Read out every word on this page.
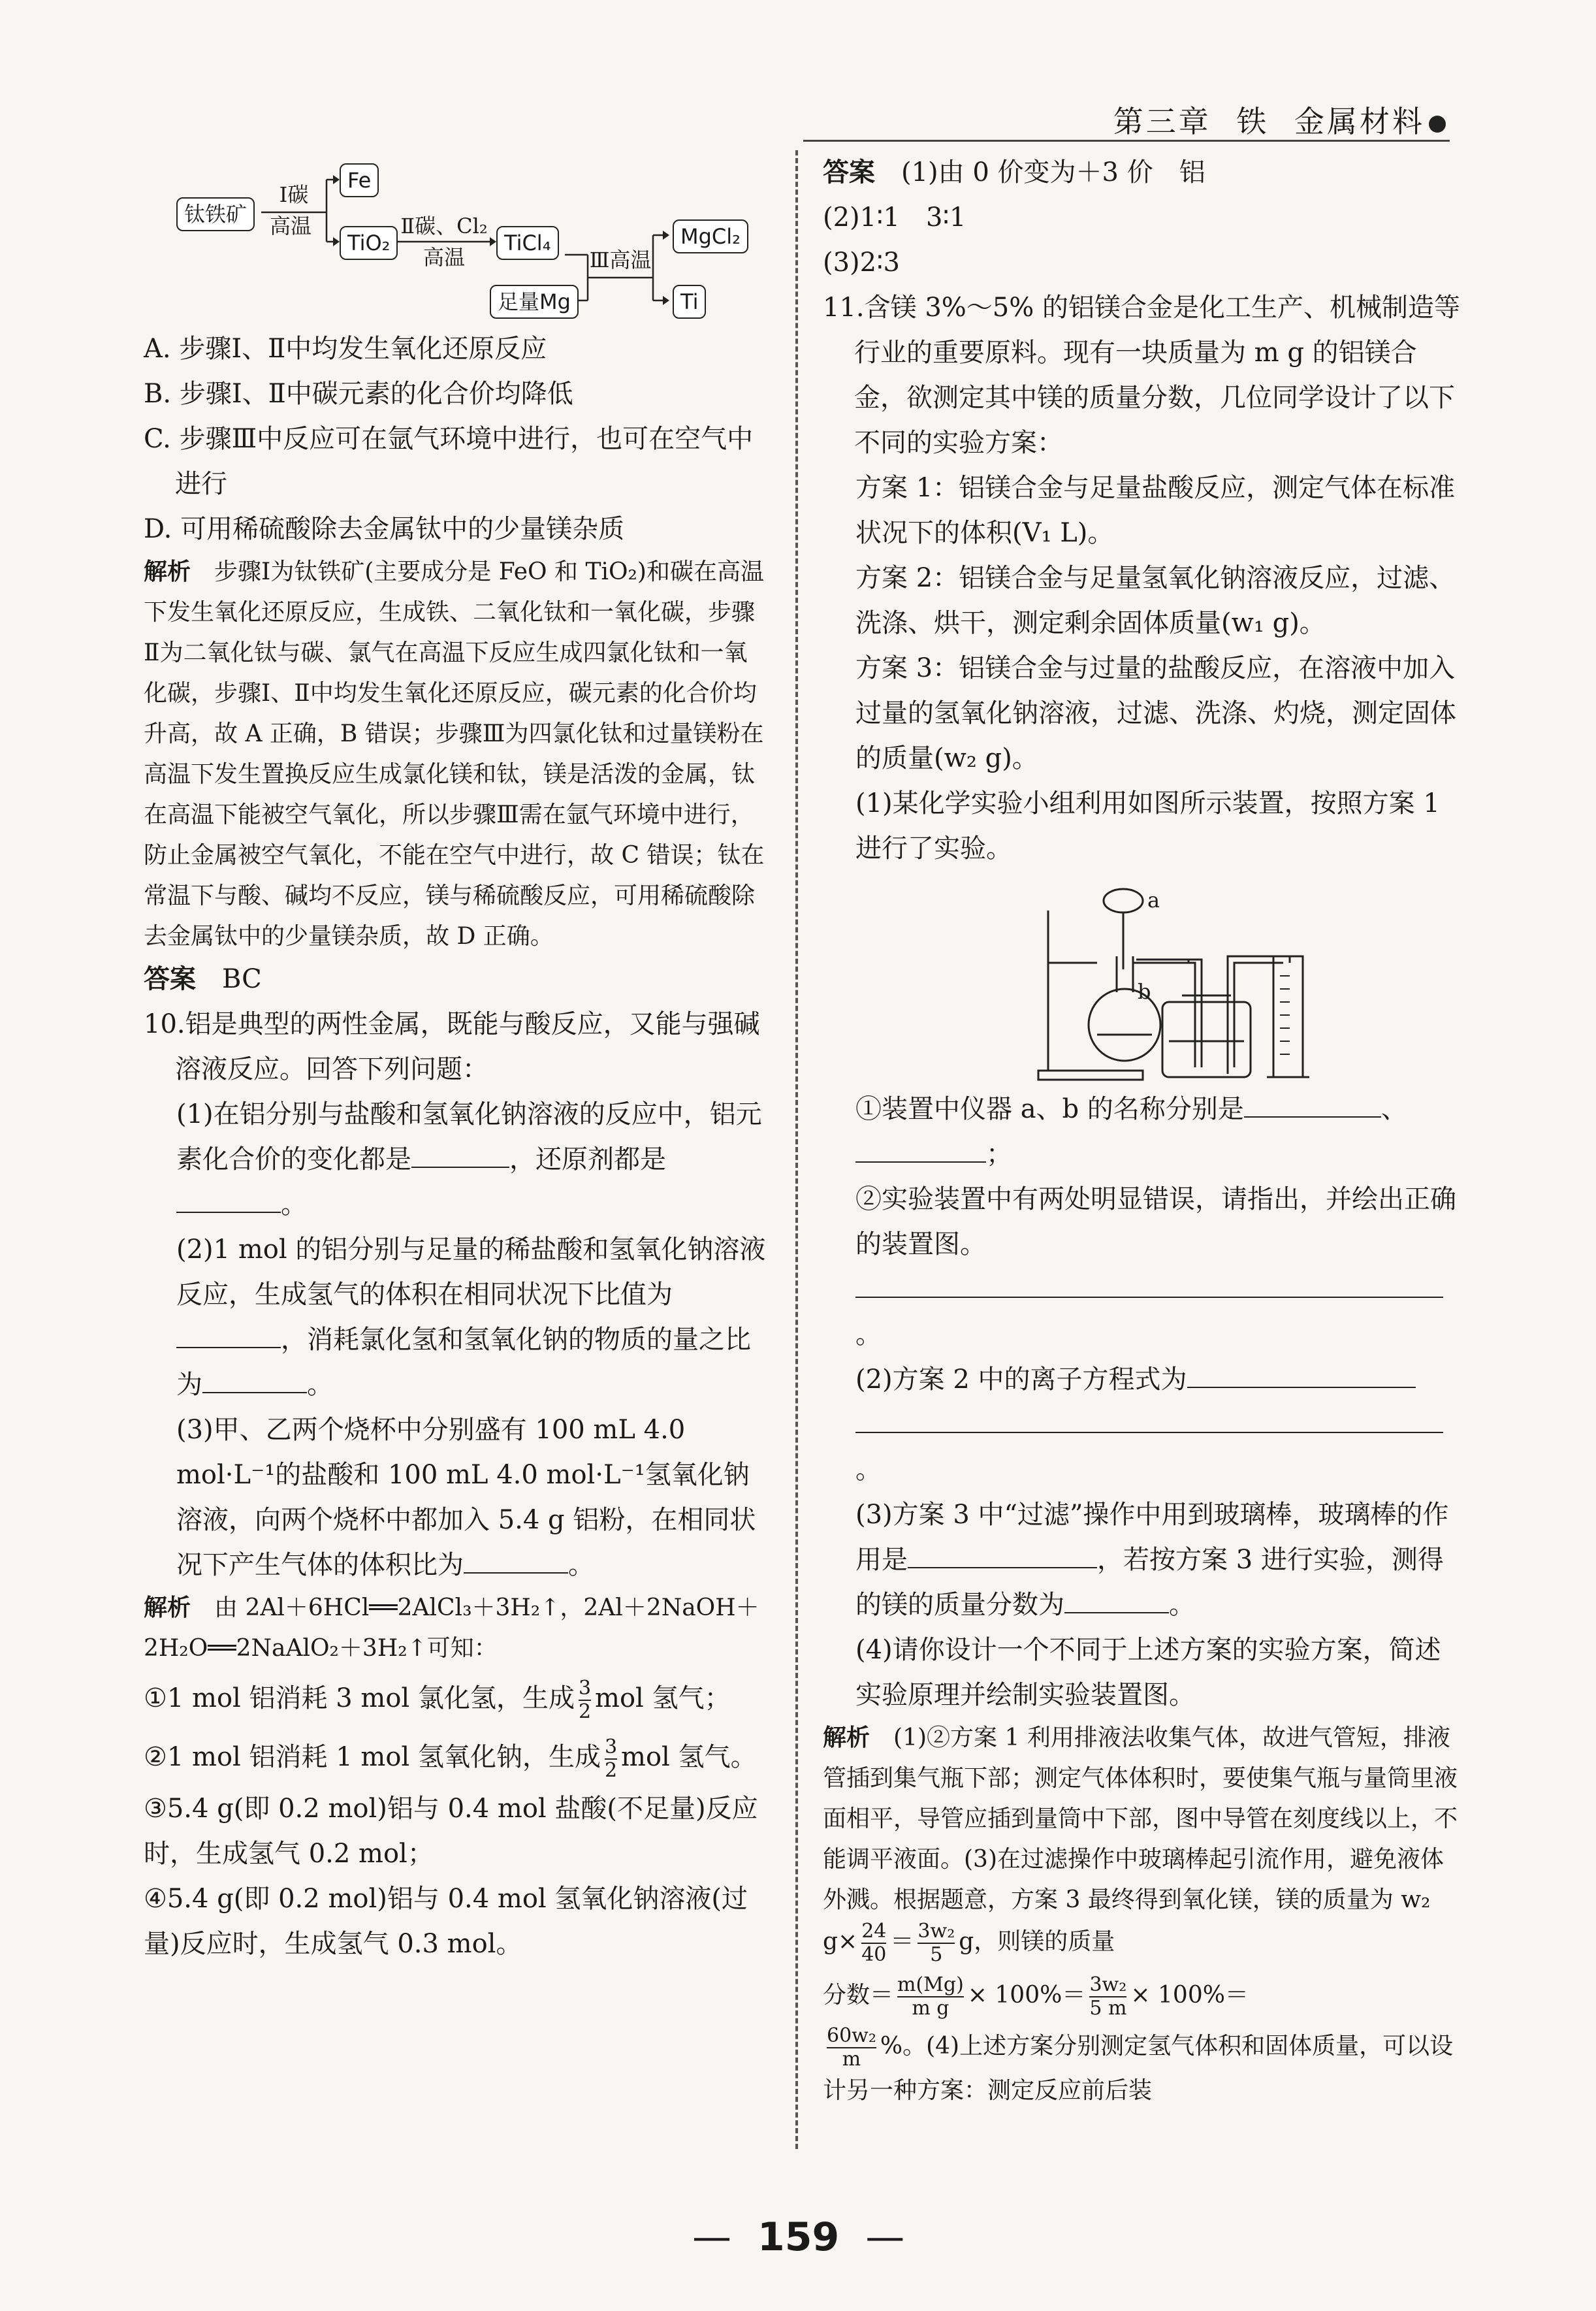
第三章 铁 金属材料
钛铁矿
Ⅰ碳
高温
Fe
TiO₂
Ⅱ碳、Cl₂
高温
TiCl₄
足量Mg
Ⅲ高温
MgCl₂
Ti

A. 步骤Ⅰ、Ⅱ中均发生氧化还原反应

B. 步骤Ⅰ、Ⅱ中碳元素的化合价均降低

C. 步骤Ⅲ中反应可在氩气环境中进行，也可在空气中进行

D. 可用稀硫酸除去金属钛中的少量镁杂质

解析　 步骤Ⅰ为钛铁矿(主要成分是 FeO 和 TiO₂)和碳在高温下发生氧化还原反应，生成铁、二氧化钛和一氧化碳，步骤Ⅱ为二氧化钛与碳、氯气在高温下反应生成四氯化钛和一氧化碳，步骤Ⅰ、Ⅱ中均发生氧化还原反应，碳元素的化合价均升高，故 A 正确，B 错误；步骤Ⅲ为四氯化钛和过量镁粉在高温下发生置换反应生成氯化镁和钛，镁是活泼的金属，钛在高温下能被空气氧化，所以步骤Ⅲ需在氩气环境中进行，防止金属被空气氧化，不能在空气中进行，故 C 错误；钛在常温下与酸、碱均不反应，镁与稀硫酸反应，可用稀硫酸除去金属钛中的少量镁杂质，故 D 正确。

答案　 BC

10.铝是典型的两性金属，既能与酸反应，又能与强碱溶液反应。回答下列问题：

(1)在铝分别与盐酸和氢氧化钠溶液的反应中，铝元素化合价的变化都是	，还原剂都是
。

(2)1 mol 的铝分别与足量的稀盐酸和氢氧化钠溶液反应，生成氢气的体积在相同状况下比值为，消耗氯化氢和氢氧化钠的物质的量之比为	。

(3)甲、乙两个烧杯中分别盛有 100 mL 4.0 mol·L⁻¹的盐酸和 100 mL 4.0 mol·L⁻¹氢氧化钠溶液，向两个烧杯中都加入 5.4 g 铝粉，在相同状况下产生气体的体积比为	。

解析　 由 2Al＋6HCl══2AlCl₃＋3H₂↑，2Al＋2NaOH＋2H₂O══2NaAlO₂＋3H₂↑可知：

①1 mol 铝消耗 3 mol 氯化氢，生成 $\frac{3}{2}$ mol 氢气；

②1 mol 铝消耗 1 mol 氢氧化钠，生成 $\frac{3}{2}$ mol 氢气。

③5.4 g(即 0.2 mol)铝与 0.4 mol 盐酸(不足量)反应时，生成氢气 0.2 mol；

④5.4 g(即 0.2 mol)铝与 0.4 mol 氢氧化钠溶液(过量)反应时，生成氢气 0.3 mol。

答案　 (1)由 0 价变为＋3 价　铝

(2)1∶1　3∶1

(3)2∶3

11.含镁 3%～5% 的铝镁合金是化工生产、机械制造等行业的重要原料。现有一块质量为 m g 的铝镁合金，欲测定其中镁的质量分数，几位同学设计了以下不同的实验方案：

方案 1：铝镁合金与足量盐酸反应，测定气体在标准状况下的体积(V₁ L)。

方案 2：铝镁合金与足量氢氧化钠溶液反应，过滤、洗涤、烘干，测定剩余固体质量(w₁ g)。

方案 3：铝镁合金与过量的盐酸反应，在溶液中加入过量的氢氧化钠溶液，过滤、洗涤、灼烧，测定固体的质量(w₂ g)。

(1)某化学实验小组利用如图所示装置，按照方案 1 进行了实验。

a
b

①装置中仪器 a、b 的名称分别是	、
；

②实验装置中有两处明显错误，请指出，并绘出正确的装置图。

。

(2)方案 2 中的离子方程式为
。

(3)方案 3 中“过滤”操作中用到玻璃棒，玻璃棒的作用是	，若按方案 3 进行实验，测得的镁的质量分数为	。

(4)请你设计一个不同于上述方案的实验方案，简述实验原理并绘制实验装置图。

解析　 (1)②方案 1 利用排液法收集气体，故进气管短，排液管插到集气瓶下部；测定气体体积时，要使集气瓶与量筒里液面相平，导管应插到量筒中下部，图中导管在刻度线以上，不能调平液面。(3)在过滤操作中玻璃棒起引流作用，避免液体外溅。根据题意，方案 3 最终得到氧化镁，镁的质量为 w₂ $g\times \frac{24}{40} = \frac{\text{3w₂}}{5}$ g，则镁的质量

分数＝ $\frac{m(Mg)}{\text{m g}} \times 100\%= \frac{\text{3w₂}}{5 m} \times 100\%=$

$\frac{\text{60w₂}}{m}$ %。(4)上述方案分别测定氢气体积和固体质量，可以设计另一种方案：测定反应前后装

— 159 —
